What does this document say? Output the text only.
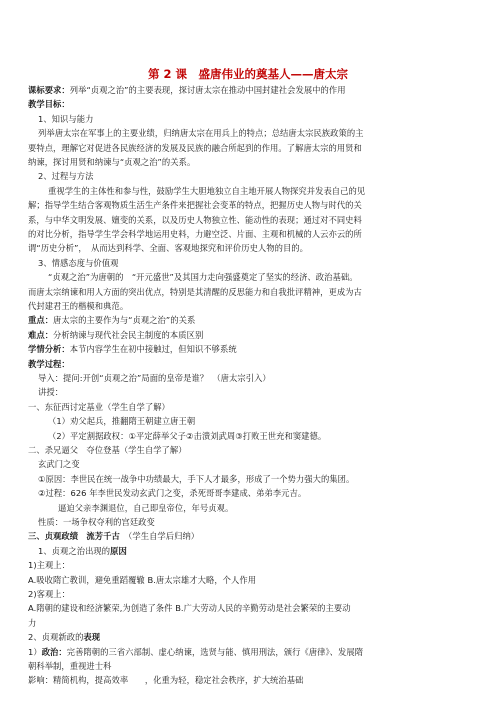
第 2 课　盛唐伟业的奠基人——唐太宗
课标要求：列举“贞观之治”的主要表现，探讨唐太宗在推动中国封建社会发展中的作用
教学目标：
1、知识与能力
列举唐太宗在军事上的主要业绩，归纳唐太宗在用兵上的特点；总结唐太宗民族政策的主
要特点，理解它对促进各民族经济的发展及民族的融合所起到的作用。了解唐太宗的用贤和
纳谏，探讨用贤和纳谏与“贞观之治”的关系。
2、过程与方法
重视学生的主体性和参与性，鼓励学生大胆地独立自主地开展人物探究并发表自己的见
解；指导学生结合客观物质生活生产条件来把握社会变革的特点，把握历史人物与时代的关
系，与中华文明发展、嬗变的关系，以及历史人物独立性、能动性的表现；通过对不同史料
的对比分析，指导学生学会科学地运用史料，力避空泛、片面、主观和机械的人云亦云的所
谓“历史分析”，　从而达到科学、全面、客观地探究和评价历史人物的目的。
3、情感态度与价值观
“贞观之治”为唐朝的　“开元盛世”及其国力走向强盛奠定了坚实的经济、政治基础。
而唐太宗纳谏和用人方面的突出优点，特别是其清醒的反思能力和自我批评精神，更成为古
代封建君王的楷模和典范。
重点：唐太宗的主要作为与“贞观之治”的关系
难点：分析纳谏与现代社会民主制度的本质区别
学情分析：本节内容学生在初中接触过，但知识不够系统
教学过程：
导入：提问:开创“贞观之治”局面的皇帝是谁？　（唐太宗引入）
讲授：
一、东征西讨定基业（学生自学了解）
（1）劝父起兵，推翻隋王朝建立唐王朝
（2）平定割据政权：①平定薛举父子②击溃刘武周③打败王世充和窦建德。
二、杀兄逼父　夺位登基（学生自学了解）
玄武门之变
①原因：李世民在统一战争中功绩最大，手下人才最多，形成了一个势力强大的集团。
②过程：626 年李世民发动玄武门之变，杀死哥哥李建成、弟弟李元吉。
逼迫父亲李渊退位，自己即皇帝位，年号贞观。
性质：一场争权夺利的宫廷政变
三、贞观政绩　流芳千古　（学生自学后归纳）
1、贞观之治出现的原因
1)主观上：
A.吸收隋亡教训，避免重蹈覆辙 B.唐太宗雄才大略，个人作用
2)客观上：
A.隋朝的建设和经济繁荣,为创造了条件 B.广大劳动人民的辛勤劳动是社会繁荣的主要动
力
2、贞观新政的表现
1）政治：完善隋朝的三省六部制、虚心纳谏，选贤与能、慎用刑法，颁行《唐律》、发展隋
朝科举制，重视进士科
影响：精简机构，提高效率　　，化重为轻，稳定社会秩序，扩大统治基础
